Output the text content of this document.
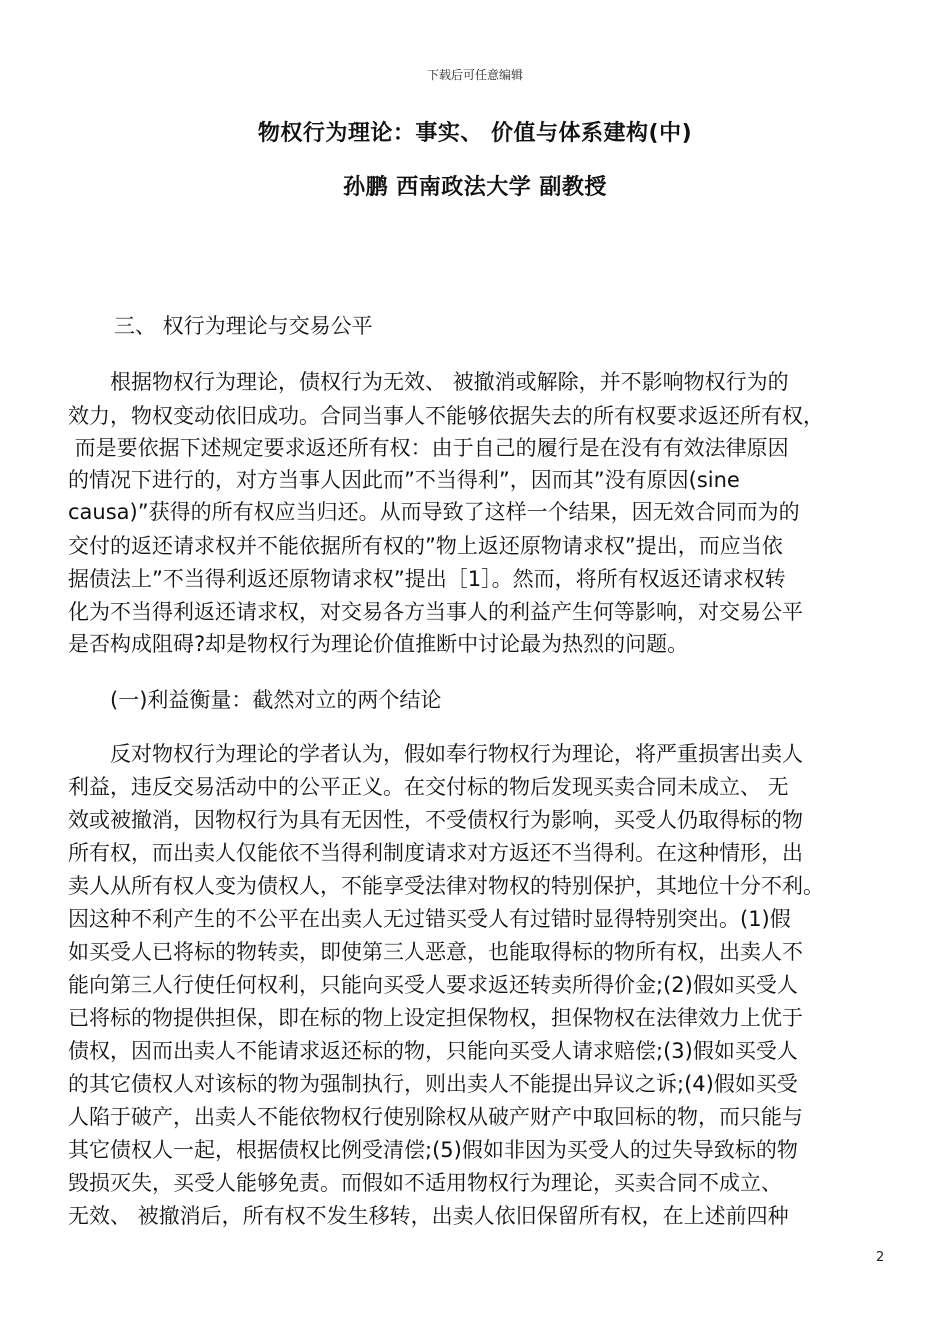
下载后可任意编辑
物权行为理论：事实、 价值与体系建构(中)
孙鹏 西南政法大学 副教授
三、 权行为理论与交易公平
　　根据物权行为理论，债权行为无效、 被撤消或解除，并不影响物权行为的
效力，物权变动依旧成功。合同当事人不能够依据失去的所有权要求返还所有权，
而是要依据下述规定要求返还所有权：由于自己的履行是在没有有效法律原因
的情况下进行的，对方当事人因此而”不当得利”，因而其”没有原因(sine
causa)”获得的所有权应当归还。从而导致了这样一个结果，因无效合同而为的
交付的返还请求权并不能依据所有权的”物上返还原物请求权”提出，而应当依
据债法上”不当得利返还原物请求权”提出［1］。然而，将所有权返还请求权转
化为不当得利返还请求权，对交易各方当事人的利益产生何等影响，对交易公平
是否构成阻碍?却是物权行为理论价值推断中讨论最为热烈的问题。
　　(一)利益衡量：截然对立的两个结论
　　反对物权行为理论的学者认为，假如奉行物权行为理论，将严重损害出卖人
利益，违反交易活动中的公平正义。在交付标的物后发现买卖合同未成立、 无
效或被撤消，因物权行为具有无因性，不受债权行为影响，买受人仍取得标的物
所有权，而出卖人仅能依不当得利制度请求对方返还不当得利。在这种情形，出
卖人从所有权人变为债权人，不能享受法律对物权的特别保护，其地位十分不利。
因这种不利产生的不公平在出卖人无过错买受人有过错时显得特别突出。(1)假
如买受人已将标的物转卖，即使第三人恶意，也能取得标的物所有权，出卖人不
能向第三人行使任何权利，只能向买受人要求返还转卖所得价金;(2)假如买受人
已将标的物提供担保，即在标的物上设定担保物权，担保物权在法律效力上优于
债权，因而出卖人不能请求返还标的物，只能向买受人请求赔偿;(3)假如买受人
的其它债权人对该标的物为强制执行，则出卖人不能提出异议之诉;(4)假如买受
人陷于破产，出卖人不能依物权行使别除权从破产财产中取回标的物，而只能与
其它债权人一起，根据债权比例受清偿;(5)假如非因为买受人的过失导致标的物
毁损灭失，买受人能够免责。而假如不适用物权行为理论，买卖合同不成立、
无效、 被撤消后，所有权不发生移转，出卖人依旧保留所有权，在上述前四种
2
